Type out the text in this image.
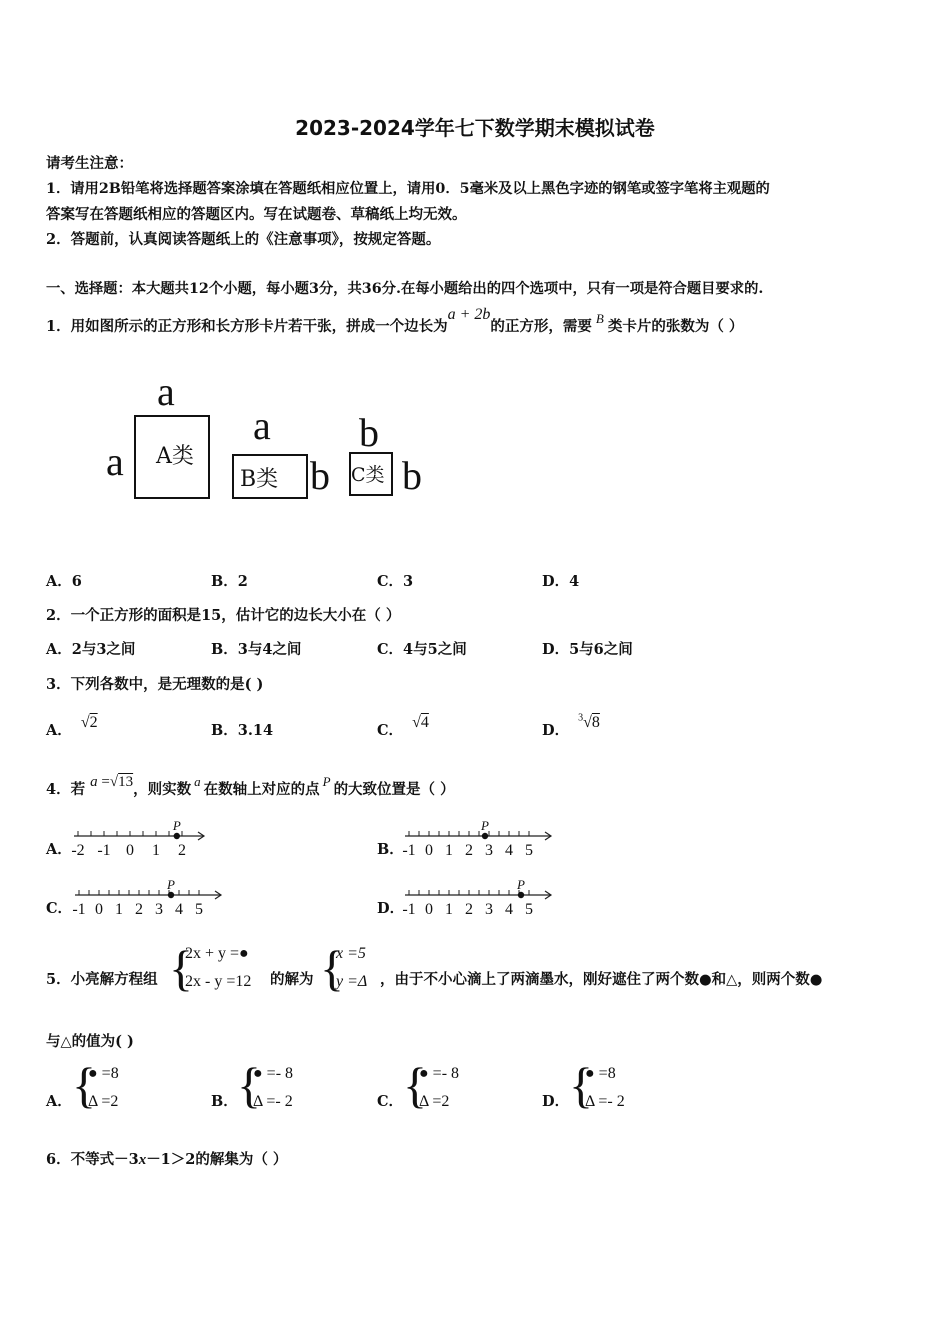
2023-2024学年七下数学期末模拟试卷
请考生注意：
1．请用2B铅笔将选择题答案涂填在答题纸相应位置上，请用0．5毫米及以上黑色字迹的钢笔或签字笔将主观题的
答案写在答题纸相应的答题区内。写在试题卷、草稿纸上均无效。
2．答题前，认真阅读答题纸上的《注意事项》，按规定答题。
一、选择题：本大题共12个小题，每小题3分，共36分.在每小题给出的四个选项中，只有一项是符合题目要求的.
1．用如图所示的正方形和长方形卡片若干张，拼成一个边长为a + 2b的正方形，需要 B 类卡片的张数为（ ）
a
a A类
a
B类 b
b
C类 b
A．6	B．2	C．3	D．4
2．一个正方形的面积是15，估计它的边长大小在（ ）
A．2与3之间	B．3与4之间	C．4与5之间	D．5与6之间
3．下列各数中，是无理数的是( )
A． √2	B．3.14	C． √4	D． $^3$√8
4．若 a =√13，则实数 a 在数轴上对应的点 P 的大致位置是（ ）
A． -2 -1 0 1 2
P
B．
-1 0 1 2 3 4 5
P
C． -1 0 1 2 3 4 5
P
D．
-1 0 1 2 3 4 5
P
5．小亮解方程组 {
2x + y =●
2x - y =12 的解为 {
x =5
y =Δ ，由于不小心滴上了两滴墨水，刚好遮住了两个数●和△，则两个数●
与△的值为( )
A． {
● =8
Δ =2	B． {
● =- 8
Δ =- 2	C． {
● =- 8
Δ =2	D． {
● =8
Δ =- 2
6．不等式－3x－1＞2的解集为（ ）
